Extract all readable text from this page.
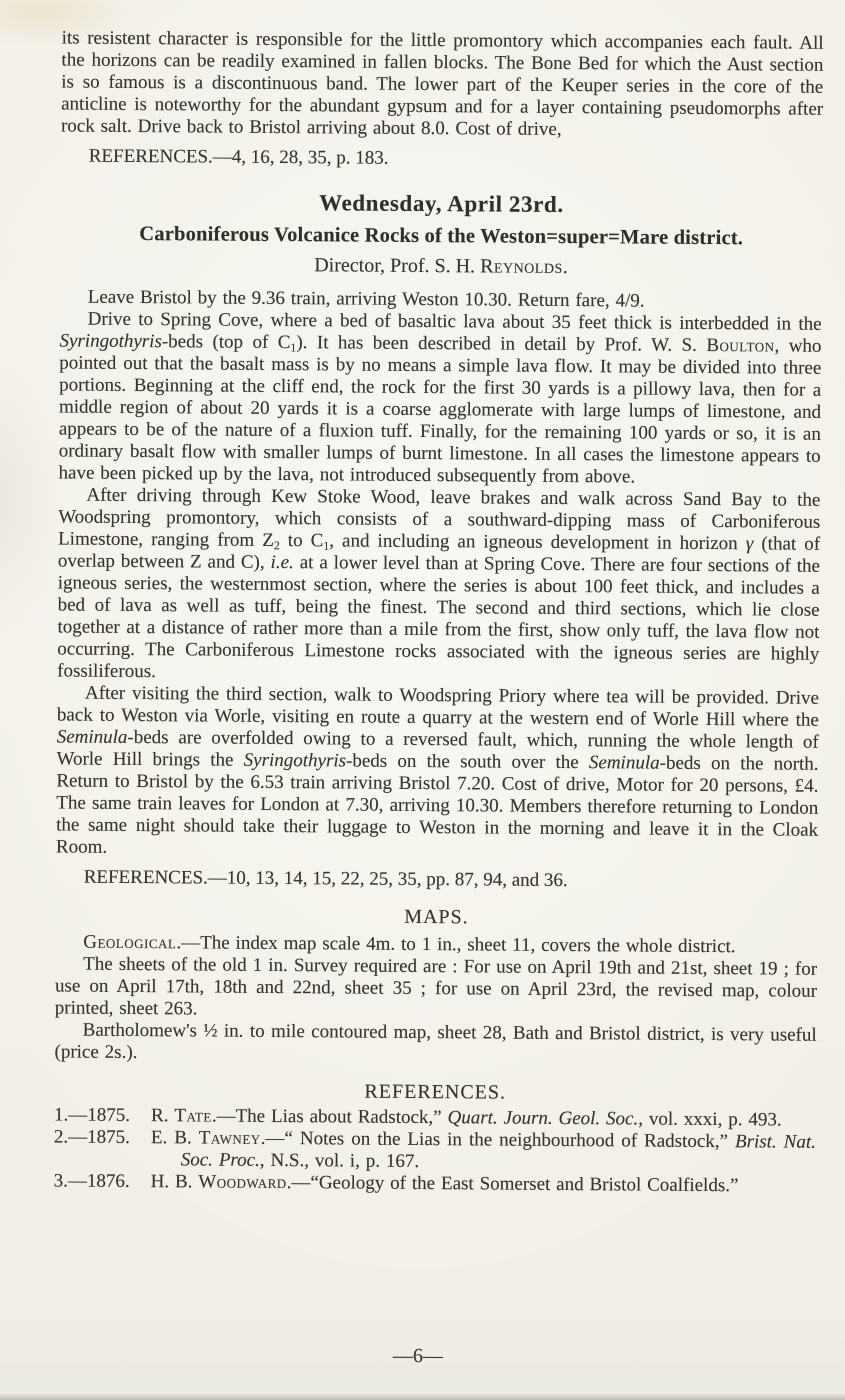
its resistent character is responsible for the little promontory which accompanies each fault. All the horizons can be readily examined in fallen blocks. The Bone Bed for which the Aust section is so famous is a discontinuous band. The lower part of the Keuper series in the core of the anticline is noteworthy for the abundant gypsum and for a layer containing pseudomorphs after rock salt. Drive back to Bristol arriving about 8.0. Cost of drive,

REFERENCES.—4, 16, 28, 35, p. 183.

Wednesday, April 23rd.

Carboniferous Volcanice Rocks of the Weston=super=Mare district.

Director, Prof. S. H. Reynolds.

Leave Bristol by the 9.36 train, arriving Weston 10.30. Return fare, 4/9.

Drive to Spring Cove, where a bed of basaltic lava about 35 feet thick is interbedded in the Syringothyris-beds (top of C1). It has been described in detail by Prof. W. S. Boulton, who pointed out that the basalt mass is by no means a simple lava flow. It may be divided into three portions. Beginning at the cliff end, the rock for the first 30 yards is a pillowy lava, then for a middle region of about 20 yards it is a coarse agglomerate with large lumps of limestone, and appears to be of the nature of a fluxion tuff. Finally, for the remaining 100 yards or so, it is an ordinary basalt flow with smaller lumps of burnt limestone. In all cases the limestone appears to have been picked up by the lava, not introduced subsequently from above.

After driving through Kew Stoke Wood, leave brakes and walk across Sand Bay to the Woodspring promontory, which consists of a southward-dipping mass of Carboniferous Limestone, ranging from Z2 to C1, and including an igneous development in horizon γ (that of overlap between Z and C), i.e. at a lower level than at Spring Cove. There are four sections of the igneous series, the westernmost section, where the series is about 100 feet thick, and includes a bed of lava as well as tuff, being the finest. The second and third sections, which lie close together at a distance of rather more than a mile from the first, show only tuff, the lava flow not occurring. The Carboniferous Limestone rocks associated with the igneous series are highly fossiliferous.

After visiting the third section, walk to Woodspring Priory where tea will be provided. Drive back to Weston via Worle, visiting en route a quarry at the western end of Worle Hill where the Seminula-beds are overfolded owing to a reversed fault, which, running the whole length of Worle Hill brings the Syringothyris-beds on the south over the Seminula-beds on the north. Return to Bristol by the 6.53 train arriving Bristol 7.20. Cost of drive, Motor for 20 persons, £4. The same train leaves for London at 7.30, arriving 10.30. Members therefore returning to London the same night should take their luggage to Weston in the morning and leave it in the Cloak Room.

REFERENCES.—10, 13, 14, 15, 22, 25, 35, pp. 87, 94, and 36.

MAPS.

Geological.—The index map scale 4m. to 1 in., sheet 11, covers the whole district.

The sheets of the old 1 in. Survey required are : For use on April 19th and 21st, sheet 19 ; for use on April 17th, 18th and 22nd, sheet 35 ; for use on April 23rd, the revised map, colour printed, sheet 263.

Bartholomew's ½ in. to mile contoured map, sheet 28, Bath and Bristol district, is very useful (price 2s.).

REFERENCES.

1.—1875.	R. Tate.—The Lias about Radstock,” Quart. Journ. Geol. Soc., vol. xxxi, p. 493.
2.—1875.	E. B. Tawney.—“ Notes on the Lias in the neighbourhood of Radstock,” Brist. Nat. Soc. Proc., N.S., vol. i, p. 167.
3.—1876.	H. B. Woodward.—“Geology of the East Somerset and Bristol Coalfields.”
—6—
